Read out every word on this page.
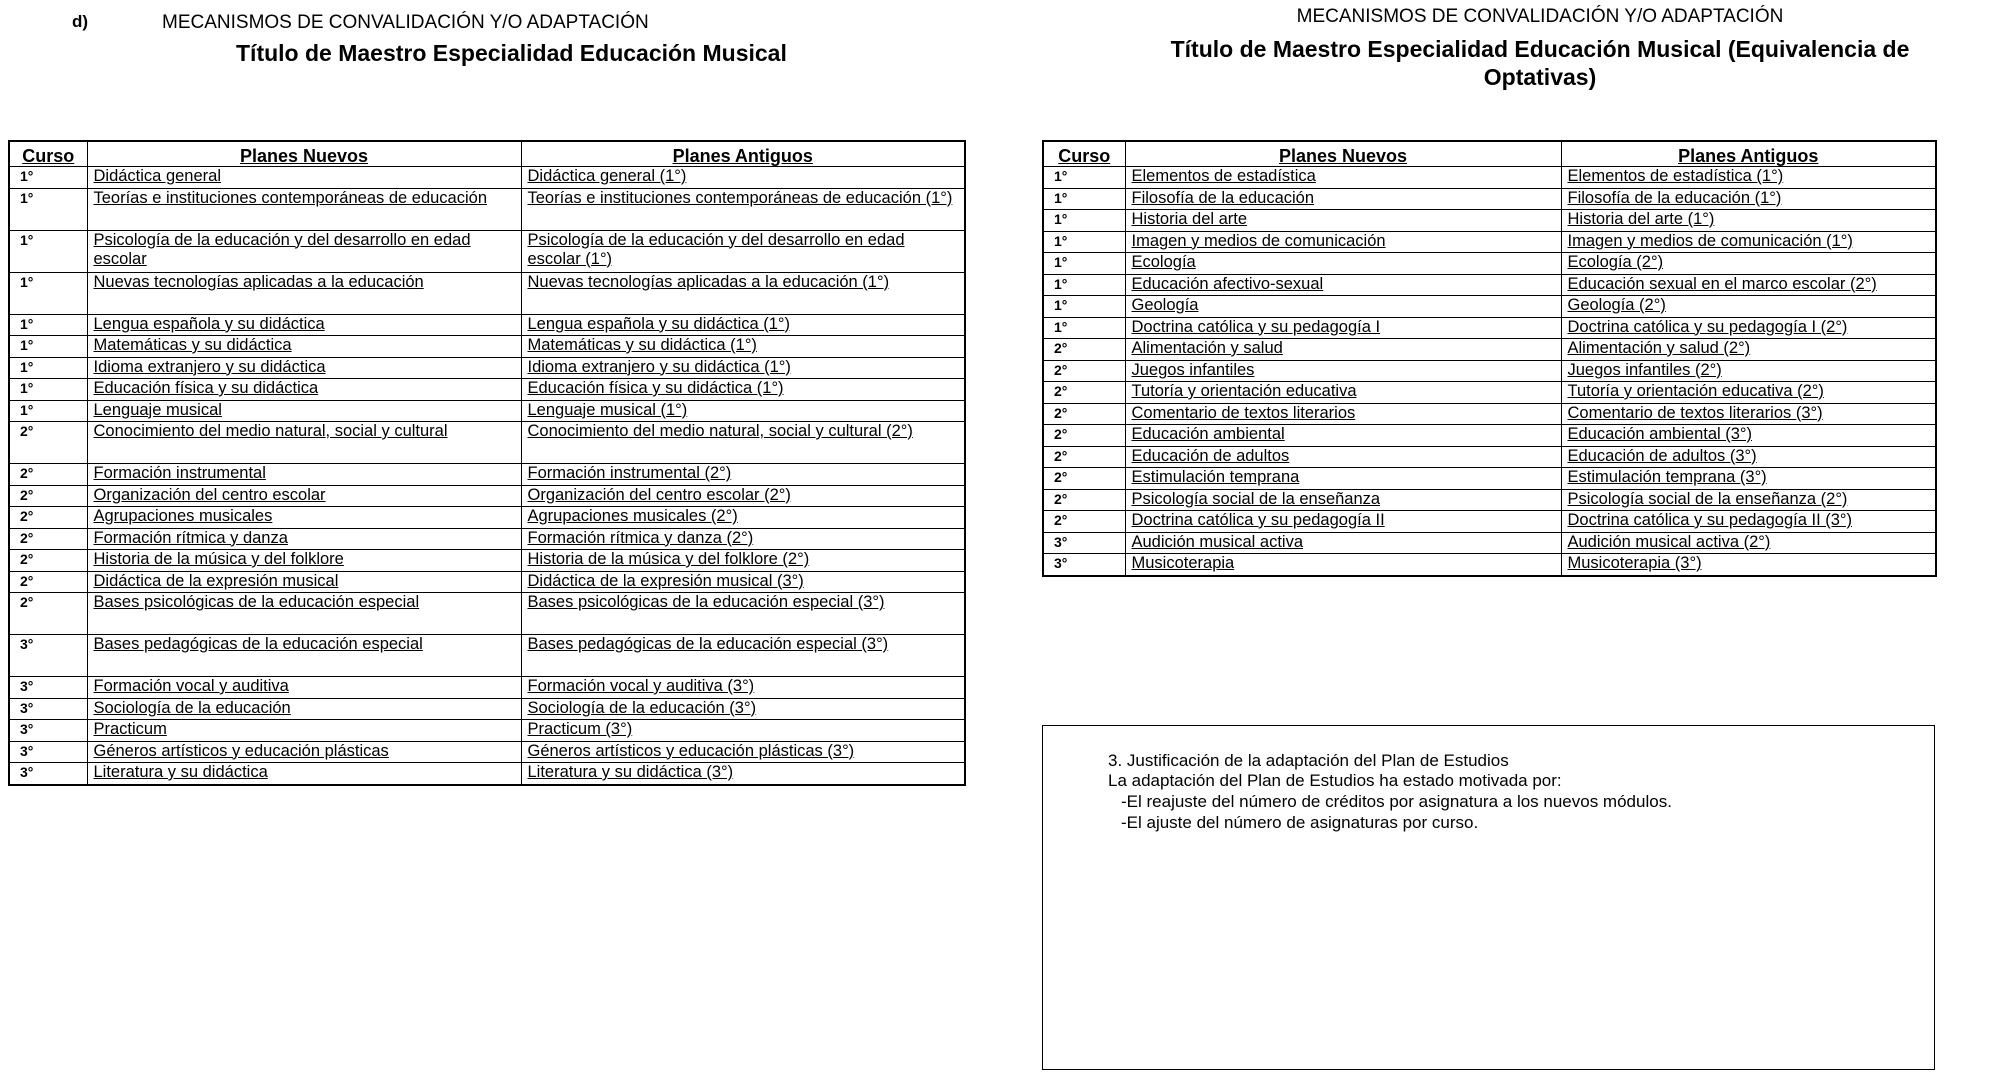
d)	MECANISMOS DE CONVALIDACIÓN Y/O ADAPTACIÓN
Título de Maestro Especialidad Educación Musical
MECANISMOS DE CONVALIDACIÓN Y/O ADAPTACIÓN
Título de Maestro Especialidad Educación Musical (Equivalencia de Optativas)
Curso	Planes Nuevos	Planes Antiguos
1°	Didáctica general	Didáctica general (1°)
1°	Teorías e instituciones contemporáneas de educación	Teorías e instituciones contemporáneas de educación (1°)
1°	Psicología de la educación y del desarrollo en edad escolar	Psicología de la educación y del desarrollo en edad escolar (1°)
1°	Nuevas tecnologías aplicadas a la educación	Nuevas tecnologías aplicadas a la educación (1°)
1°	Lengua española y su didáctica	Lengua española y su didáctica (1°)
1°	Matemáticas y su didáctica	Matemáticas y su didáctica (1°)
1°	Idioma extranjero y su didáctica	Idioma extranjero y su didáctica (1°)
1°	Educación física y su didáctica	Educación física y su didáctica (1°)
1°	Lenguaje musical	Lenguaje musical (1°)
2°	Conocimiento del medio natural, social y cultural	Conocimiento del medio natural, social y cultural (2°)
2°	Formación instrumental	Formación instrumental (2°)
2°	Organización del centro escolar	Organización del centro escolar (2°)
2°	Agrupaciones musicales	Agrupaciones musicales (2°)
2°	Formación rítmica y danza	Formación rítmica y danza (2°)
2°	Historia de la música y del folklore	Historia de la música y del folklore (2°)
2°	Didáctica de la expresión musical	Didáctica de la expresión musical (3°)
2°	Bases psicológicas de la educación especial	Bases psicológicas de la educación especial (3°)
3°	Bases pedagógicas de la educación especial	Bases pedagógicas de la educación especial (3°)
3°	Formación vocal y auditiva	Formación vocal y auditiva (3°)
3°	Sociología de la educación	Sociología de la educación (3°)
3°	Practicum	Practicum (3°)
3°	Géneros artísticos y educación plásticas	Géneros artísticos y educación plásticas (3°)
3°	Literatura y su didáctica	Literatura y su didáctica (3°)
Curso	Planes Nuevos	Planes Antiguos
1°	Elementos de estadística	Elementos de estadística (1°)
1°	Filosofía de la educación	Filosofía de la educación (1°)
1°	Historia del arte	Historia del arte (1°)
1°	Imagen y medios de comunicación	Imagen y medios de comunicación (1°)
1°	Ecología	Ecología (2°)
1°	Educación afectivo-sexual	Educación sexual en el marco escolar (2°)
1°	Geología	Geología (2°)
1°	Doctrina católica y su pedagogía I	Doctrina católica y su pedagogía I (2°)
2°	Alimentación y salud	Alimentación y salud (2°)
2°	Juegos infantiles	Juegos infantiles (2°)
2°	Tutoría y orientación educativa	Tutoría y orientación educativa (2°)
2°	Comentario de textos literarios	Comentario de textos literarios (3°)
2°	Educación ambiental	Educación ambiental (3°)
2°	Educación de adultos	Educación de adultos (3°)
2°	Estimulación temprana	Estimulación temprana (3°)
2°	Psicología social de la enseñanza	Psicología social de la enseñanza (2°)
2°	Doctrina católica y su pedagogía II	Doctrina católica y su pedagogía II (3°)
3°	Audición musical activa	Audición musical activa (2°)
3°	Musicoterapia	Musicoterapia (3°)
3. Justificación de la adaptación del Plan de Estudios
La adaptación del Plan de Estudios ha estado motivada por:
-El reajuste del número de créditos por asignatura a los nuevos módulos.
-El ajuste del número de asignaturas por curso.
